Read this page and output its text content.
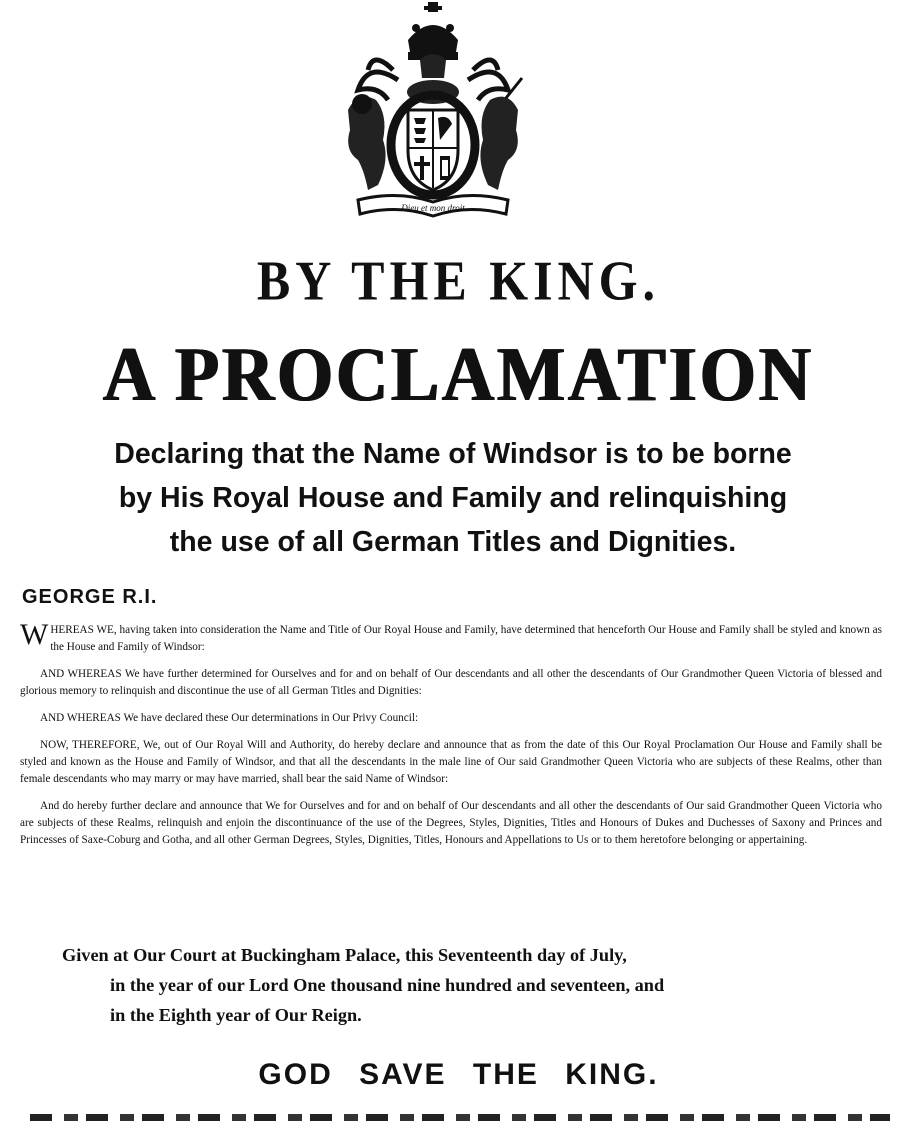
Dieu et mon droit
BY THE KING.
A PROCLAMATION
Declaring that the Name of Windsor is to be borne
by His Royal House and Family and relinquishing
the use of all German Titles and Dignities.
GEORGE R.I.

WHEREAS WE, having taken into consideration the Name and Title of Our Royal House and Family, have determined that henceforth Our House and Family shall be styled and known as the House and Family of Windsor:

AND WHEREAS We have further determined for Ourselves and for and on behalf of Our descendants and all other the descendants of Our Grandmother Queen Victoria of blessed and glorious memory to relinquish and discontinue the use of all German Titles and Dignities:

AND WHEREAS We have declared these Our determinations in Our Privy Council:

NOW, THEREFORE, We, out of Our Royal Will and Authority, do hereby declare and announce that as from the date of this Our Royal Proclamation Our House and Family shall be styled and known as the House and Family of Windsor, and that all the descendants in the male line of Our said Grandmother Queen Victoria who are subjects of these Realms, other than female descendants who may marry or may have married, shall bear the said Name of Windsor:

And do hereby further declare and announce that We for Ourselves and for and on behalf of Our descendants and all other the descendants of Our said Grandmother Queen Victoria who are subjects of these Realms, relinquish and enjoin the discontinuance of the use of the Degrees, Styles, Dignities, Titles and Honours of Dukes and Duchesses of Saxony and Princes and Princesses of Saxe-Coburg and Gotha, and all other German Degrees, Styles, Dignities, Titles, Honours and Appellations to Us or to them heretofore belonging or appertaining.

Given at Our Court at Buckingham Palace, this Seventeenth day of July,
in the year of our Lord One thousand nine hundred and seventeen, and
in the Eighth year of Our Reign.
GOD SAVE THE KING.
